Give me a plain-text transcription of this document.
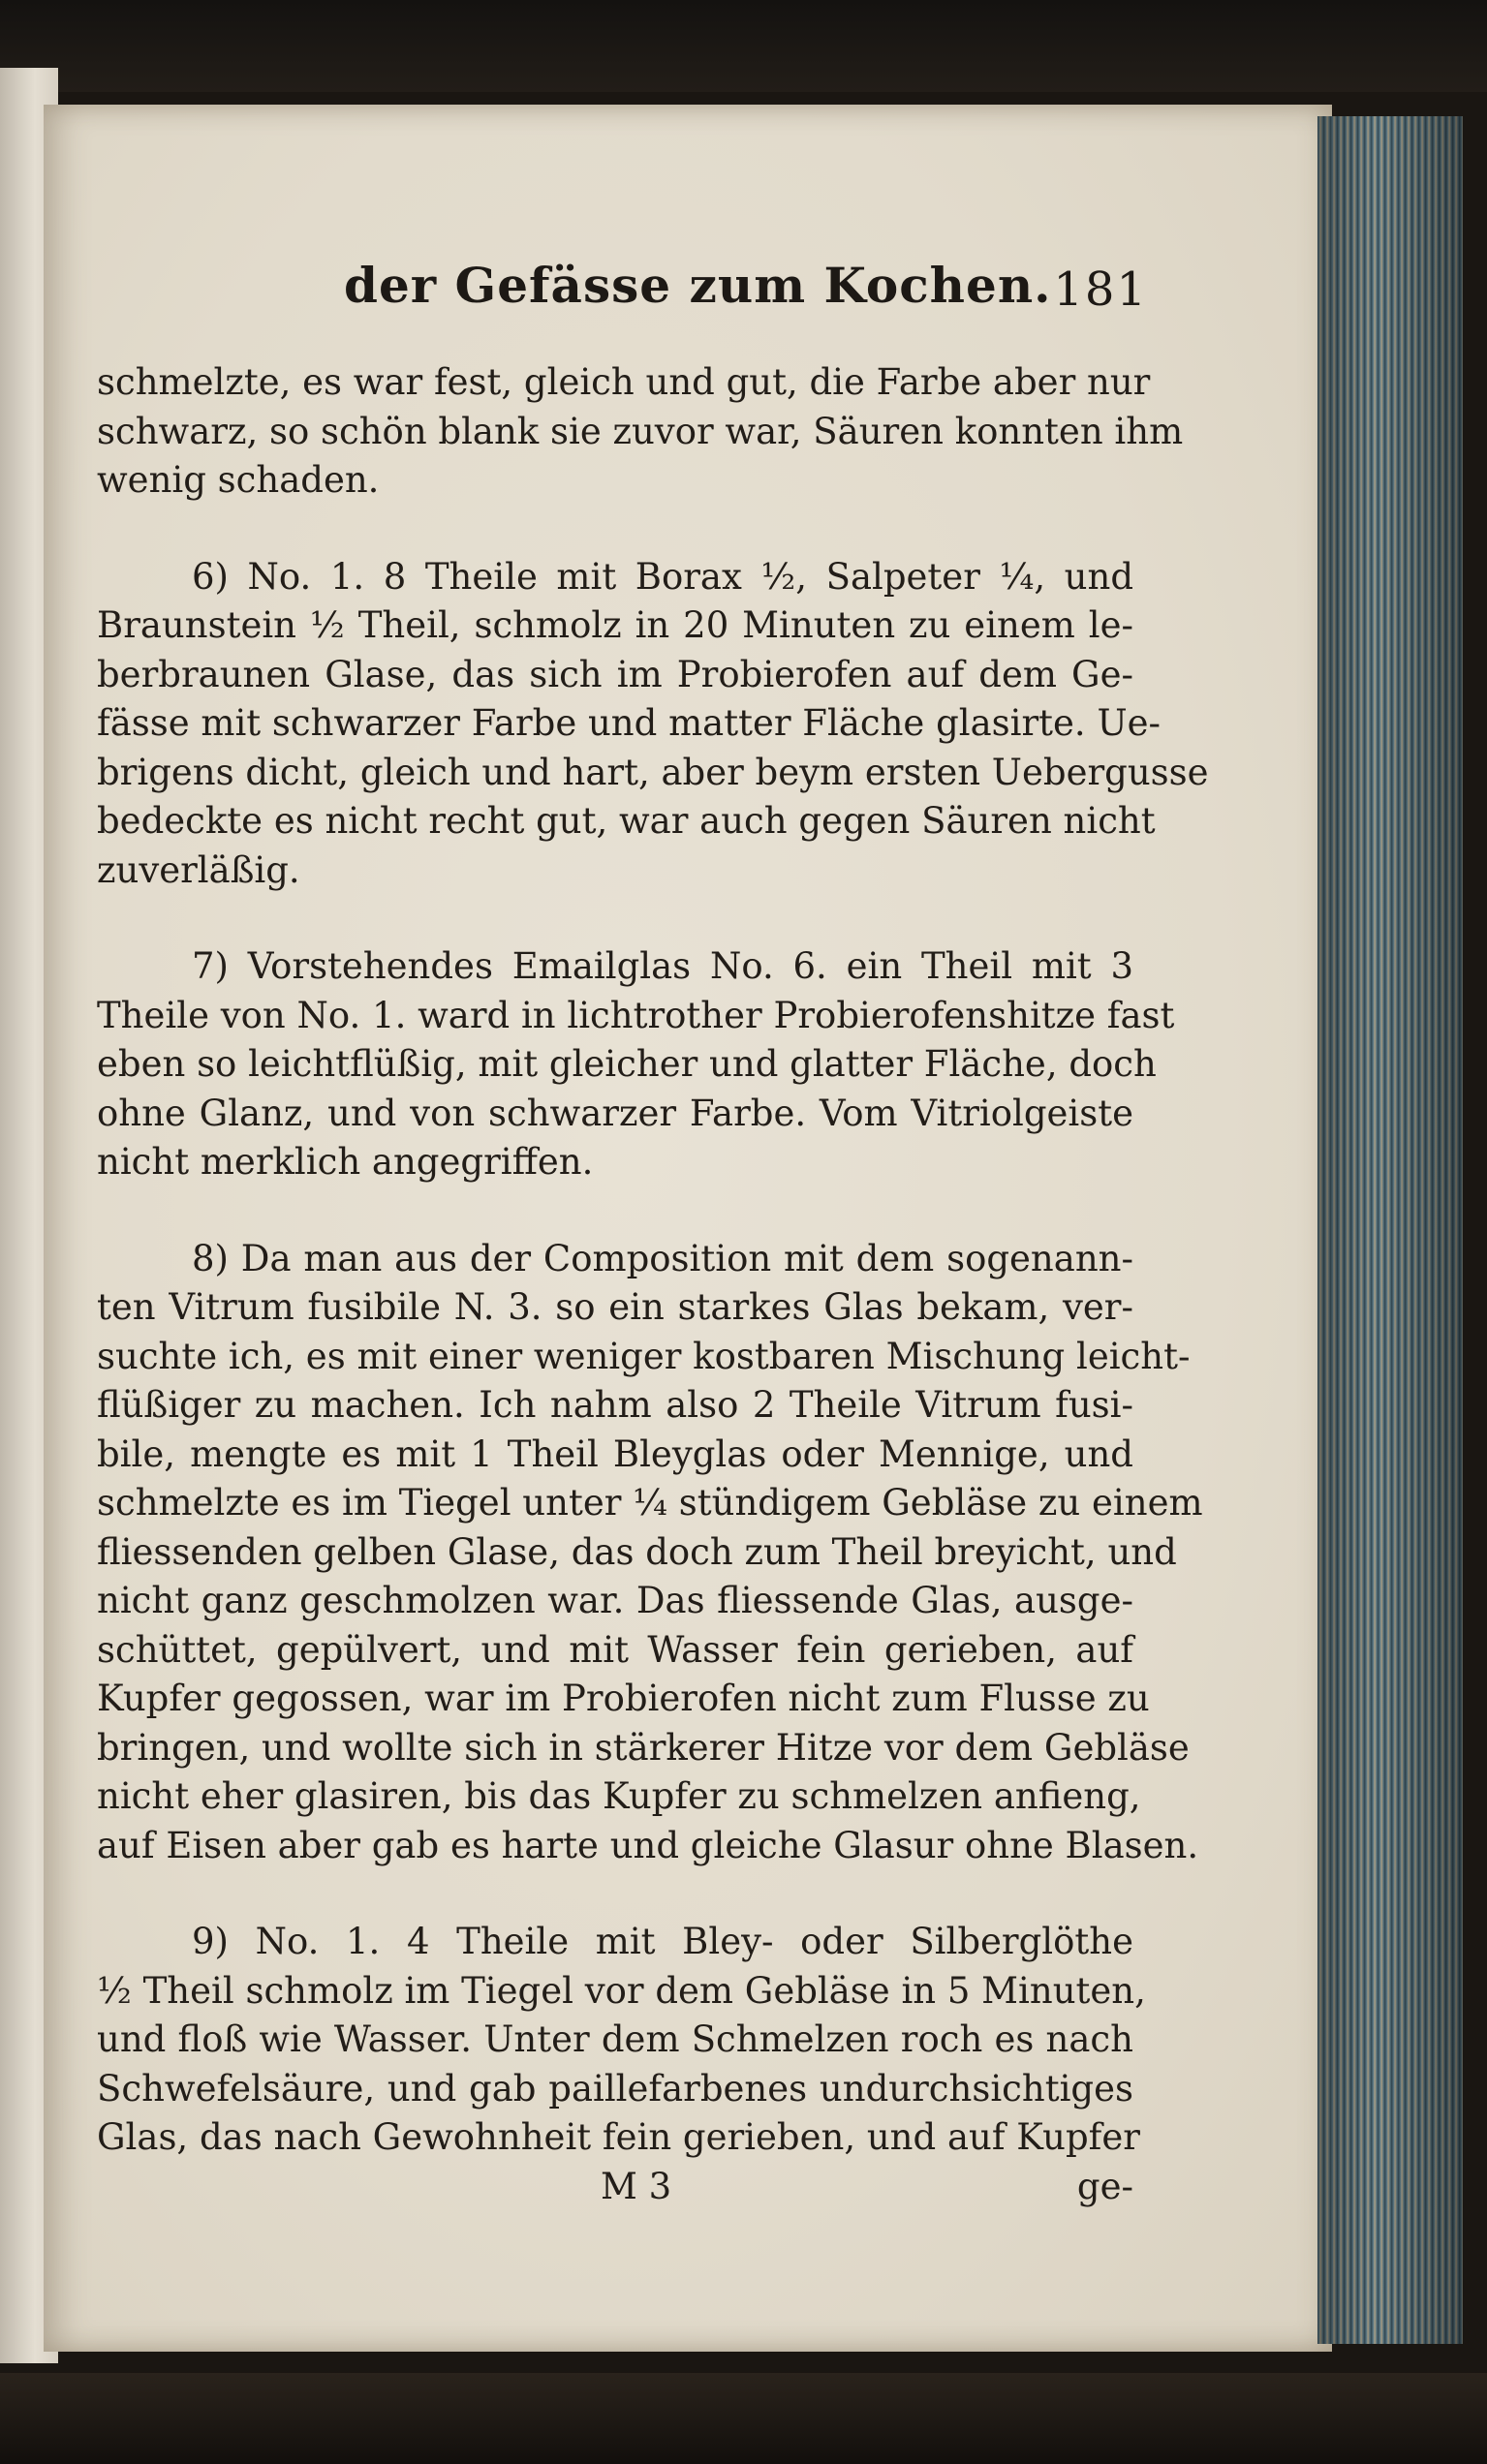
der Gefässe zum Kochen. 181
schmelzte, es war fest, gleich und gut, die Farbe aber nur
schwarz, so schön blank sie zuvor war, Säuren konnten ihm
wenig schaden.
6) No. 1. 8 Theile mit Borax ½, Salpeter ¼, und
Braunstein ½ Theil, schmolz in 20 Minuten zu einem le-
berbraunen Glase, das sich im Probierofen auf dem Ge-
fässe mit schwarzer Farbe und matter Fläche glasirte. Ue-
brigens dicht, gleich und hart, aber beym ersten Uebergusse
bedeckte es nicht recht gut, war auch gegen Säuren nicht
zuverläßig.
7) Vorstehendes Emailglas No. 6. ein Theil mit 3
Theile von No. 1. ward in lichtrother Probierofenshitze fast
eben so leichtflüßig, mit gleicher und glatter Fläche, doch
ohne Glanz, und von schwarzer Farbe. Vom Vitriolgeiste
nicht merklich angegriffen.
8) Da man aus der Composition mit dem sogenann-
ten Vitrum fusibile N. 3. so ein starkes Glas bekam, ver-
suchte ich, es mit einer weniger kostbaren Mischung leicht-
flüßiger zu machen. Ich nahm also 2 Theile Vitrum fusi-
bile, mengte es mit 1 Theil Bleyglas oder Mennige, und
schmelzte es im Tiegel unter ¼ stündigem Gebläse zu einem
fliessenden gelben Glase, das doch zum Theil breyicht, und
nicht ganz geschmolzen war. Das fliessende Glas, ausge-
schüttet, gepülvert, und mit Wasser fein gerieben, auf
Kupfer gegossen, war im Probierofen nicht zum Flusse zu
bringen, und wollte sich in stärkerer Hitze vor dem Gebläse
nicht eher glasiren, bis das Kupfer zu schmelzen anfieng,
auf Eisen aber gab es harte und gleiche Glasur ohne Blasen.
9) No. 1. 4 Theile mit Bley- oder Silberglöthe
½ Theil schmolz im Tiegel vor dem Gebläse in 5 Minuten,
und floß wie Wasser. Unter dem Schmelzen roch es nach
Schwefelsäure, und gab paillefarbenes undurchsichtiges
Glas, das nach Gewohnheit fein gerieben, und auf Kupfer
M 3	ge-
